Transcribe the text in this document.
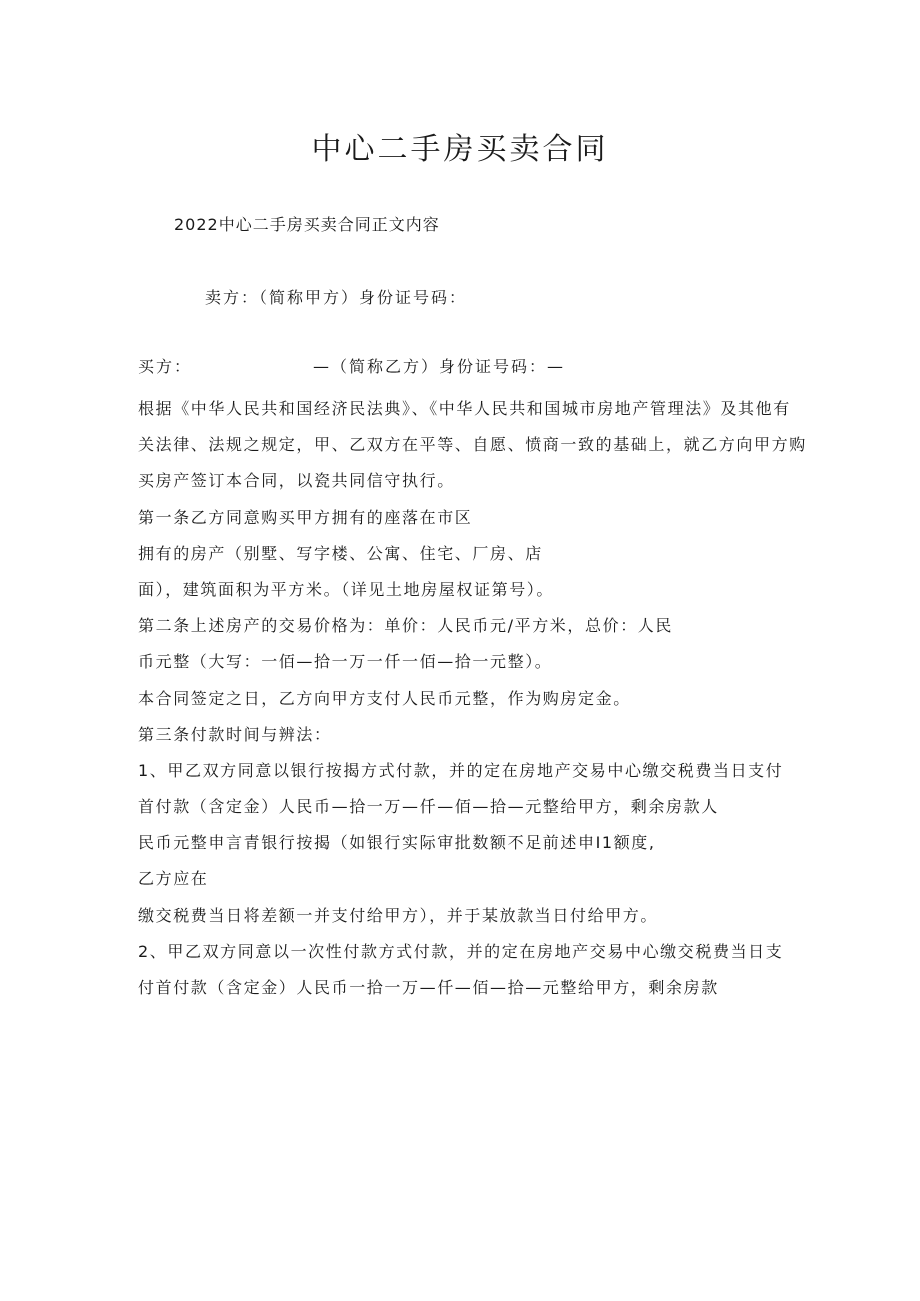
中心二手房买卖合同
2022中心二手房买卖合同正文内容
卖方：（简称甲方）身份证号码：
买方：	—（简称乙方）身份证号码：—
根据《中华人民共和国经济民法典》、《中华人民共和国城市房地产管理法》及其他有
关法律、法规之规定，甲、乙双方在平等、自愿、愤商一致的基础上，就乙方向甲方购
买房产签订本合同，以瓷共同信守执行。
第一条乙方同意购买甲方拥有的座落在市区
拥有的房产（别墅、写字楼、公寓、住宅、厂房、店
面），建筑面积为平方米。（详见土地房屋权证第号）。
第二条上述房产的交易价格为：单价：人民币元/平方米，总价：人民
币元整（大写：一佰—拾一万一仟一佰—拾一元整）。
本合同签定之日，乙方向甲方支付人民币元整，作为购房定金。
第三条付款时间与辨法：
1、甲乙双方同意以银行按揭方式付款，并的定在房地产交易中心缴交税费当日支付
首付款（含定金）人民币—拾一万—仟—佰—拾—元整给甲方，剩余房款人
民币元整申言青银行按揭（如银行实际审批数额不足前述申I1额度,
乙方应在
缴交税费当日将差额一并支付给甲方），并于某放款当日付给甲方。
2、甲乙双方同意以一次性付款方式付款，并的定在房地产交易中心缴交税费当日支
付首付款（含定金）人民币一拾一万—仟—佰—拾—元整给甲方，剩余房款
